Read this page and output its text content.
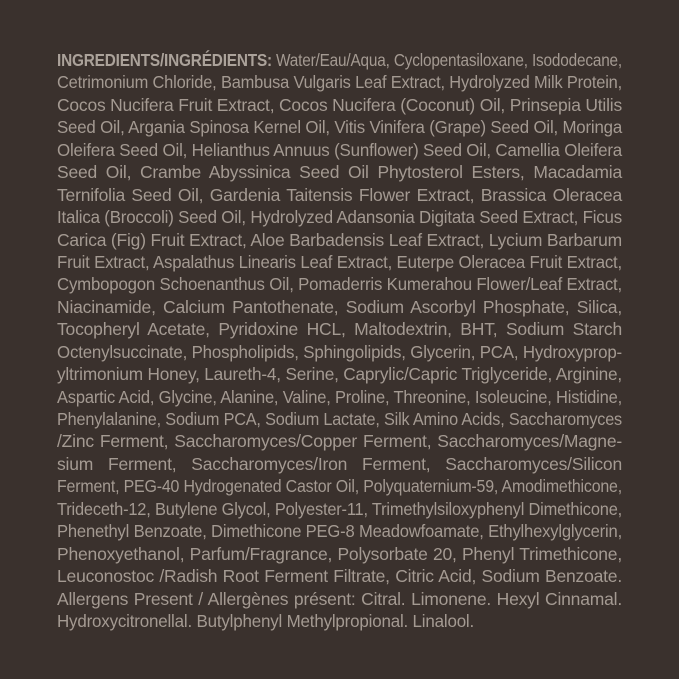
INGREDIENTS/INGRÉDIENTS: Water/Eau/Aqua, Cyclopentasiloxane, Isododecane,
Cetrimonium Chloride, Bambusa Vulgaris Leaf Extract, Hydrolyzed Milk Protein,
Cocos Nucifera Fruit Extract, Cocos Nucifera (Coconut) Oil, Prinsepia Utilis
Seed Oil, Argania Spinosa Kernel Oil, Vitis Vinifera (Grape) Seed Oil, Moringa
Oleifera Seed Oil, Helianthus Annuus (Sunflower) Seed Oil, Camellia Oleifera
Seed Oil, Crambe Abyssinica Seed Oil Phytosterol Esters, Macadamia
Ternifolia Seed Oil, Gardenia Taitensis Flower Extract, Brassica Oleracea
Italica (Broccoli) Seed Oil, Hydrolyzed Adansonia Digitata Seed Extract, Ficus
Carica (Fig) Fruit Extract, Aloe Barbadensis Leaf Extract, Lycium Barbarum
Fruit Extract, Aspalathus Linearis Leaf Extract, Euterpe Oleracea Fruit Extract,
Cymbopogon Schoenanthus Oil, Pomaderris Kumerahou Flower/Leaf Extract,
Niacinamide, Calcium Pantothenate, Sodium Ascorbyl Phosphate, Silica,
Tocopheryl Acetate, Pyridoxine HCL, Maltodextrin, BHT, Sodium Starch
Octenylsuccinate, Phospholipids, Sphingolipids, Glycerin, PCA, Hydroxyprop-
yltrimonium Honey, Laureth-4, Serine, Caprylic/Capric Triglyceride, Arginine,
Aspartic Acid, Glycine, Alanine, Valine, Proline, Threonine, Isoleucine, Histidine,
Phenylalanine, Sodium PCA, Sodium Lactate, Silk Amino Acids, Saccharomyces
/Zinc Ferment, Saccharomyces/Copper Ferment, Saccharomyces/Magne-
sium Ferment, Saccharomyces/Iron Ferment, Saccharomyces/Silicon
Ferment, PEG-40 Hydrogenated Castor Oil, Polyquaternium-59, Amodimethicone,
Trideceth-12, Butylene Glycol, Polyester-11, Trimethylsiloxyphenyl Dimethicone,
Phenethyl Benzoate, Dimethicone PEG-8 Meadowfoamate, Ethylhexylglycerin,
Phenoxyethanol, Parfum/Fragrance, Polysorbate 20, Phenyl Trimethicone,
Leuconostoc /Radish Root Ferment Filtrate, Citric Acid, Sodium Benzoate.
Allergens Present / Allergènes présent: Citral. Limonene. Hexyl Cinnamal.
Hydroxycitronellal. Butylphenyl Methylpropional. Linalool.
